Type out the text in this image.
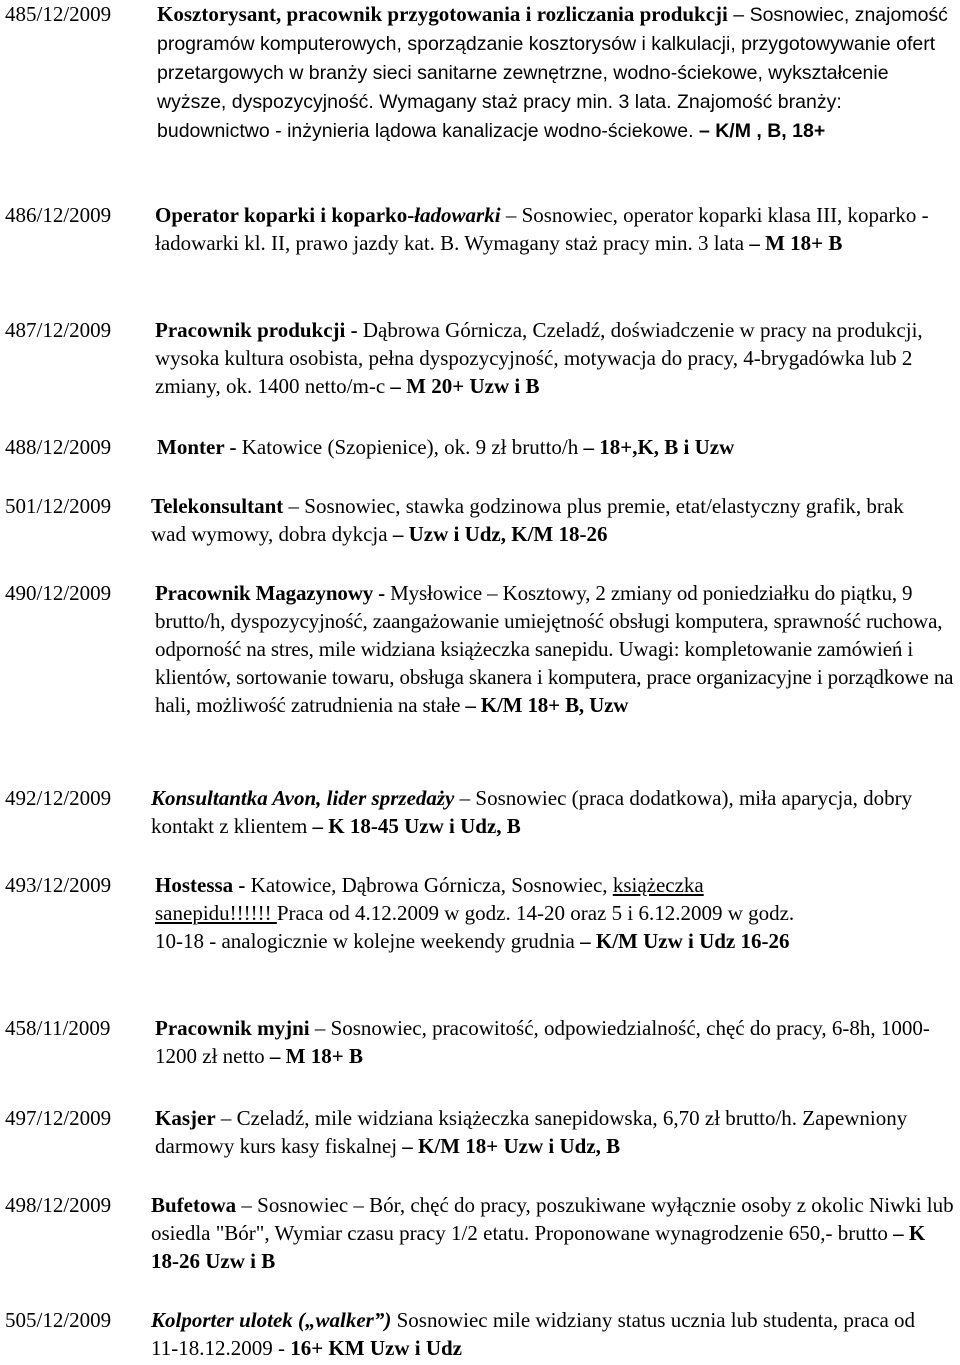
485/12/2009 Kosztorysant, pracownik przygotowania i rozliczania produkcji – Sosnowiec, znajomość programów komputerowych, sporządzanie kosztorysów i kalkulacji, przygotowywanie ofert przetargowych w branży sieci sanitarne zewnętrzne, wodno-ściekowe, wykształcenie wyższe, dyspozycyjność. Wymagany staż pracy min. 3 lata. Znajomość branży: budownictwo - inżynieria lądowa kanalizacje wodno-ściekowe. – K/M , B, 18+
486/12/2009 Operator koparki i koparko-ładowarki – Sosnowiec, operator koparki klasa III, koparko - ładowarki kl. II, prawo jazdy kat. B. Wymagany staż pracy min. 3 lata – M 18+ B
487/12/2009 Pracownik produkcji - Dąbrowa Górnicza, Czeladź, doświadczenie w pracy na produkcji, wysoka kultura osobista, pełna dyspozycyjność, motywacja do pracy, 4-brygadówka lub 2 zmiany, ok. 1400 netto/m-c – M 20+ Uzw i B
488/12/2009 Monter - Katowice (Szopienice), ok. 9 zł brutto/h – 18+,K, B i Uzw
501/12/2009 Telekonsultant – Sosnowiec, stawka godzinowa plus premie, etat/elastyczny grafik, brak wad wymowy, dobra dykcja – Uzw i Udz, K/M 18-26
490/12/2009 Pracownik Magazynowy - Mysłowice – Kosztowy, 2 zmiany od poniedziałku do piątku, 9 brutto/h, dyspozycyjność, zaangażowanie umiejętność obsługi komputera, sprawność ruchowa, odporność na stres, mile widziana książeczka sanepidu. Uwagi: kompletowanie zamówień i klientów, sortowanie towaru, obsługa skanera i komputera, prace organizacyjne i porządkowe na hali, możliwość zatrudnienia na stałe – K/M 18+ B, Uzw
492/12/2009 Konsultantka Avon, lider sprzedaży – Sosnowiec (praca dodatkowa), miła aparycja, dobry kontakt z klientem – K 18-45 Uzw i Udz, B
493/12/2009 Hostessa - Katowice, Dąbrowa Górnicza, Sosnowiec, książeczka sanepidu!!!!!! Praca od 4.12.2009 w godz. 14-20 oraz 5 i 6.12.2009 w godz. 10-18 - analogicznie w kolejne weekendy grudnia – K/M Uzw i Udz 16-26
458/11/2009 Pracownik myjni – Sosnowiec, pracowitość, odpowiedzialność, chęć do pracy, 6-8h, 1000-1200 zł netto – M 18+ B
497/12/2009 Kasjer – Czeladź, mile widziana książeczka sanepidowska, 6,70 zł brutto/h. Zapewniony darmowy kurs kasy fiskalnej – K/M 18+ Uzw i Udz, B
498/12/2009 Bufetowa – Sosnowiec – Bór, chęć do pracy, poszukiwane wyłącznie osoby z okolic Niwki lub osiedla "Bór", Wymiar czasu pracy 1/2 etatu. Proponowane wynagrodzenie 650,- brutto – K 18-26 Uzw i B
505/12/2009 Kolporter ulotek („walker”) Sosnowiec mile widziany status ucznia lub studenta, praca od 11-18.12.2009 - 16+ KM Uzw i Udz
